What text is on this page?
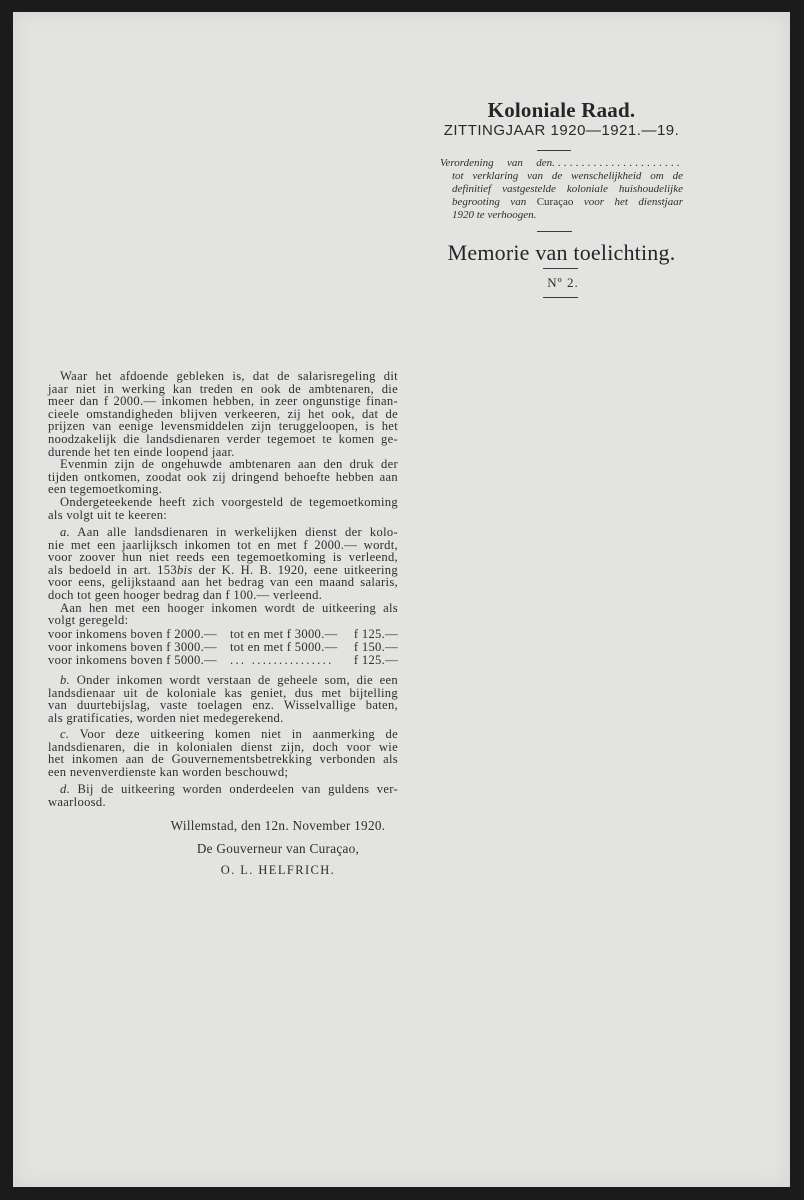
Koloniale Raad.
ZITTINGJAAR 1920—1921.—19.
Verordening van den......................
tot verklaring van de wenschelijkheid om de
definitief vastgestelde koloniale huishoudelijke
begrooting van Curaçao voor het dienstjaar
1920 te verhoogen.
Memorie van toelichting.
Nº 2.
Waar het afdoende gebleken is, dat de salarisregeling dit
jaar niet in werking kan treden en ook de ambtenaren, die
meer dan f 2000.— inkomen hebben, in zeer ongunstige finan-
cieele omstandigheden blijven verkeeren, zij het ook, dat de
prijzen van eenige levensmiddelen zijn teruggeloopen, is het
noodzakelijk die landsdienaren verder tegemoet te komen ge-
durende het ten einde loopend jaar.
Evenmin zijn de ongehuwde ambtenaren aan den druk der
tijden ontkomen, zoodat ook zij dringend behoefte hebben aan
een tegemoetkoming.
Ondergeteekende heeft zich voorgesteld de tegemoetkoming
als volgt uit te keeren:
a. Aan alle landsdienaren in werkelijken dienst der kolo-
nie met een jaarlijksch inkomen tot en met f 2000.— wordt,
voor zoover hun niet reeds een tegemoetkoming is verleend,
als bedoeld in art. 153bis der K. H. B. 1920, eene uitkeering
voor eens, gelijkstaand aan het bedrag van een maand salaris,
doch tot geen hooger bedrag dan f 100.— verleend.
Aan hen met een hooger inkomen wordt de uitkeering als
volgt geregeld:
voor inkomens boven f 2000.—	tot en met f 3000.—	f 125.—
voor inkomens boven f 3000.—	tot en met f 5000.—	f 150.—
voor inkomens boven f 5000.—	... ...............	f 125.—
b. Onder inkomen wordt verstaan de geheele som, die een
landsdienaar uit de koloniale kas geniet, dus met bijtelling
van duurtebijslag, vaste toelagen enz. Wisselvallige baten,
als gratificaties, worden niet medegerekend.
c. Voor deze uitkeering komen niet in aanmerking de
landsdienaren, die in kolonialen dienst zijn, doch voor wie
het inkomen aan de Gouvernementsbetrekking verbonden als
een nevenverdienste kan worden beschouwd;
d. Bij de uitkeering worden onderdeelen van guldens ver-
waarloosd.
Willemstad, den 12n. November 1920.
De Gouverneur van Curaçao,
O. L. HELFRICH.
